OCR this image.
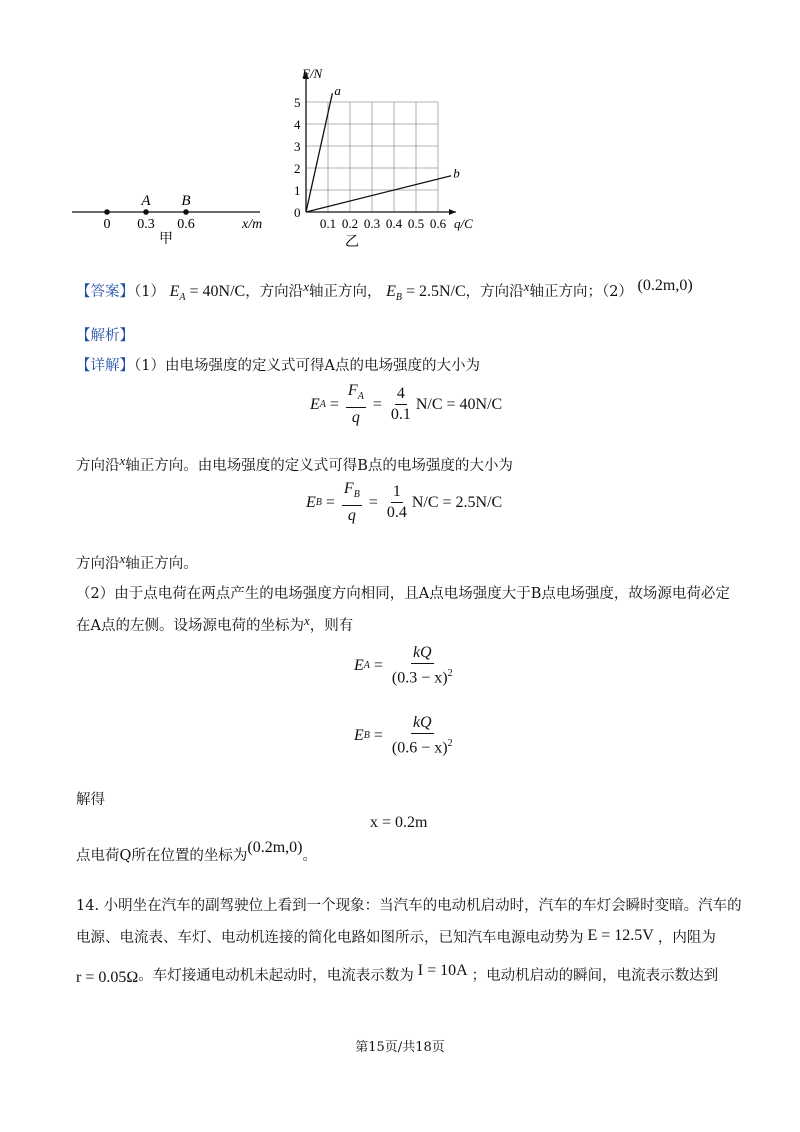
A B
0 0.3 0.6	x/m
甲
F/N
q/C
0
0.1 0.2 0.3 0.4 0.5 0.6
1
2
3
4
5
乙
a
b
【答案】（1） $E_A = 40N/C$，方向沿x轴正方向， $E_B = 2.5N/C$，方向沿x轴正方向；（2） (0.2m,0)
【解析】
【详解】（1）由电场强度的定义式可得A点的电场强度的大小为
E $A = \frac{F_A}{q} = \frac{4}{0.1} N/C = 40N/C$
方向沿x轴正方向。由电场强度的定义式可得B点的电场强度的大小为
E $B = \frac{F_B}{q} = \frac{1}{0.4} N/C = 2.5N/C$
方向沿x轴正方向。
（2）由于点电荷在两点产生的电场强度方向相同，且A点电场强度大于B点电场强度，故场源电荷必定
在A点的左侧。设场源电荷的坐标为x，则有
E $A = \frac{kQ}{(0.3 - x)^2}$
E $B = \frac{kQ}{(0.6 - x)^2}$
解得
x = 0.2m
点电荷Q所在位置的坐标为(0.2m,0)。
14. 小明坐在汽车的副驾驶位上看到一个现象：当汽车的电动机启动时，汽车的车灯会瞬时变暗。汽车的
电源、电流表、车灯、电动机连接的简化电路如图所示，已知汽车电源电动势为 E = 12.5V ，内阻为
r = 0.05Ω。车灯接通电动机未起动时，电流表示数为 I = 10A ；电动机启动的瞬间，电流表示数达到
第15页/共18页
